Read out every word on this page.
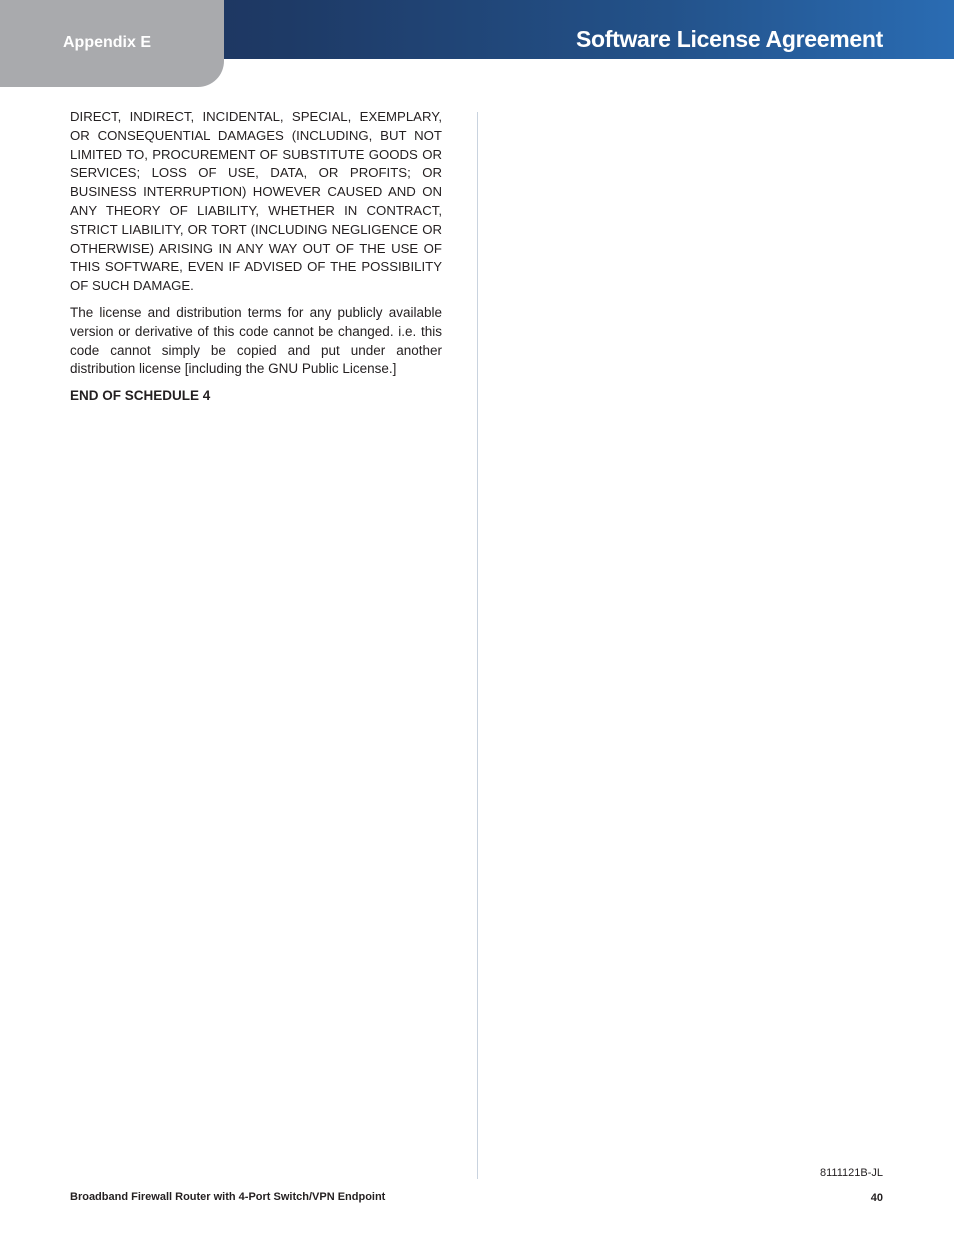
Appendix E	Software License Agreement

DIRECT, INDIRECT, INCIDENTAL, SPECIAL, EXEMPLARY, OR CONSEQUENTIAL DAMAGES (INCLUDING, BUT NOT LIMITED TO, PROCUREMENT OF SUBSTITUTE GOODS OR SERVICES; LOSS OF USE, DATA, OR PROFITS; OR BUSINESS INTERRUPTION) HOWEVER CAUSED AND ON ANY THEORY OF LIABILITY, WHETHER IN CONTRACT, STRICT LIABILITY, OR TORT (INCLUDING NEGLIGENCE OR OTHERWISE) ARISING IN ANY WAY OUT OF THE USE OF THIS SOFTWARE, EVEN IF ADVISED OF THE POSSIBILITY OF SUCH DAMAGE.

The license and distribution terms for any publicly available version or derivative of this code cannot be changed. i.e. this code cannot simply be copied and put under another distribution license [including the GNU Public License.]

END OF SCHEDULE 4

8111121B-JL
Broadband Firewall Router with 4-Port Switch/VPN Endpoint	40
